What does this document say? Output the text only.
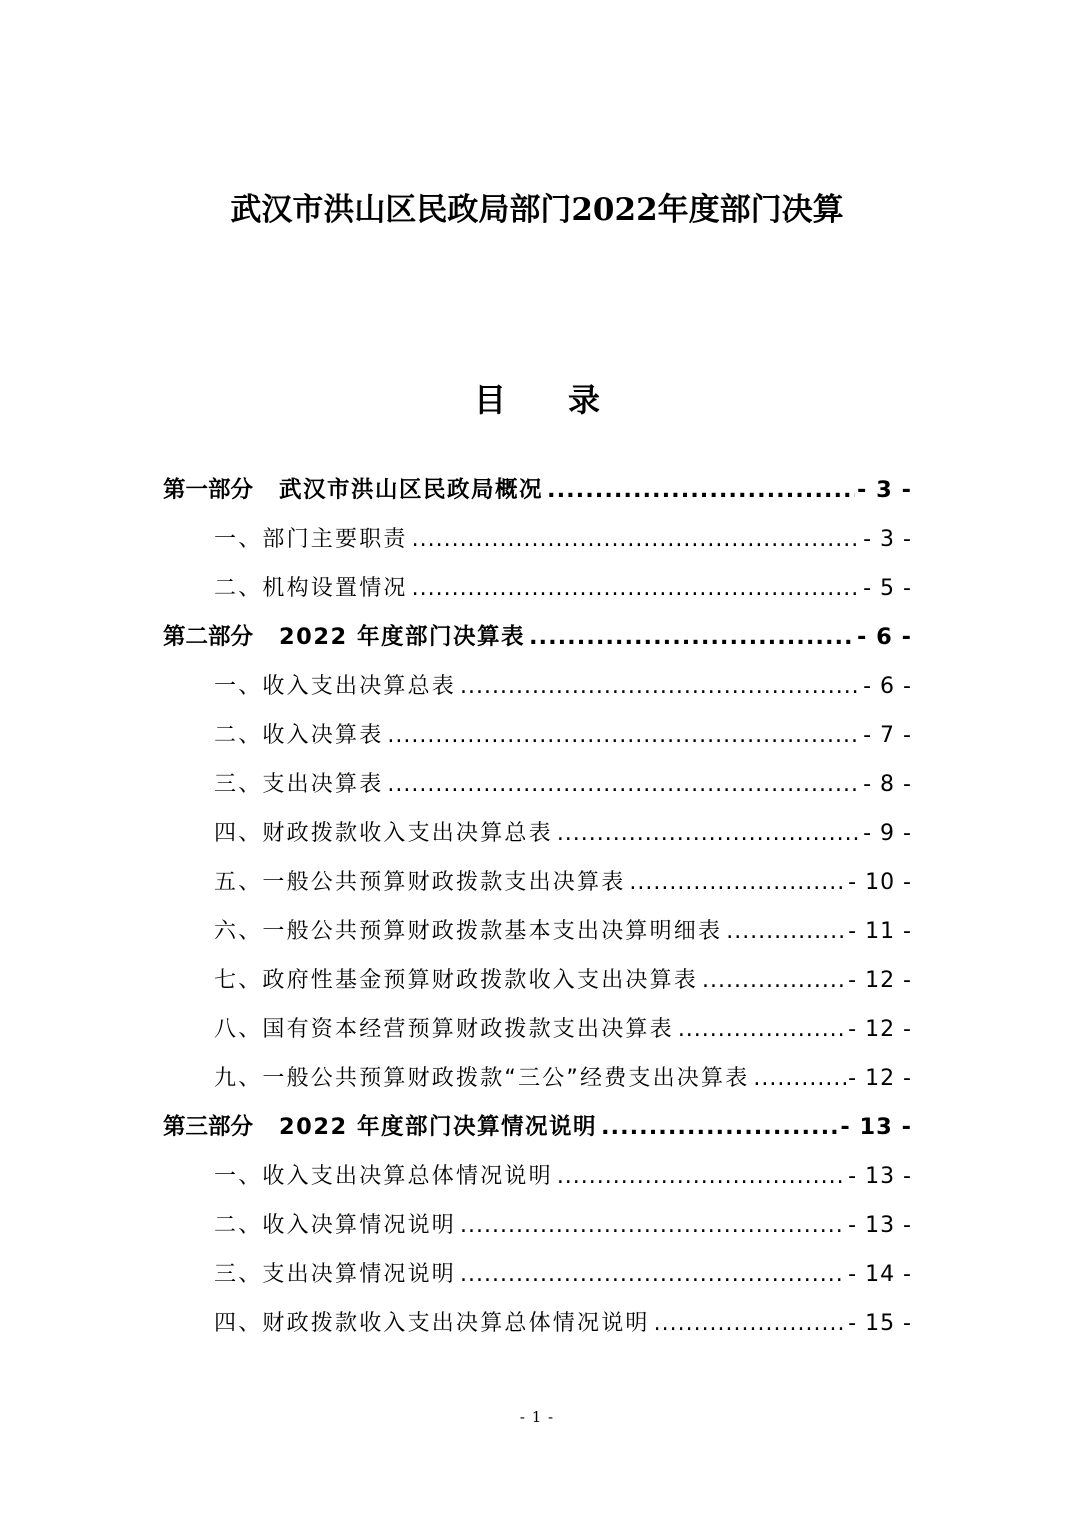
武汉市洪山区民政局部门2022年度部门决算
目 录
第一部分 武汉市洪山区民政局概况 .....	- 3 -
一、部门主要职责 .....	- 3 -
二、机构设置情况 .....	- 5 -
第二部分 2022 年度部门决算表 .....	- 6 -
一、收入支出决算总表 .....	- 6 -
二、收入决算表 .....	- 7 -
三、支出决算表 .....	- 8 -
四、财政拨款收入支出决算总表 .....	- 9 -
五、一般公共预算财政拨款支出决算表 .....	- 10 -
六、一般公共预算财政拨款基本支出决算明细表 .....	- 11 -
七、政府性基金预算财政拨款收入支出决算表 .....	- 12 -
八、国有资本经营预算财政拨款支出决算表 .....	- 12 -
九、一般公共预算财政拨款“三公”经费支出决算表 .....	- 12 -
第三部分 2022 年度部门决算情况说明 .....	- 13 -
一、收入支出决算总体情况说明 .....	- 13 -
二、收入决算情况说明 .....	- 13 -
三、支出决算情况说明 .....	- 14 -
四、财政拨款收入支出决算总体情况说明 .....	- 15 -
- 1 -
